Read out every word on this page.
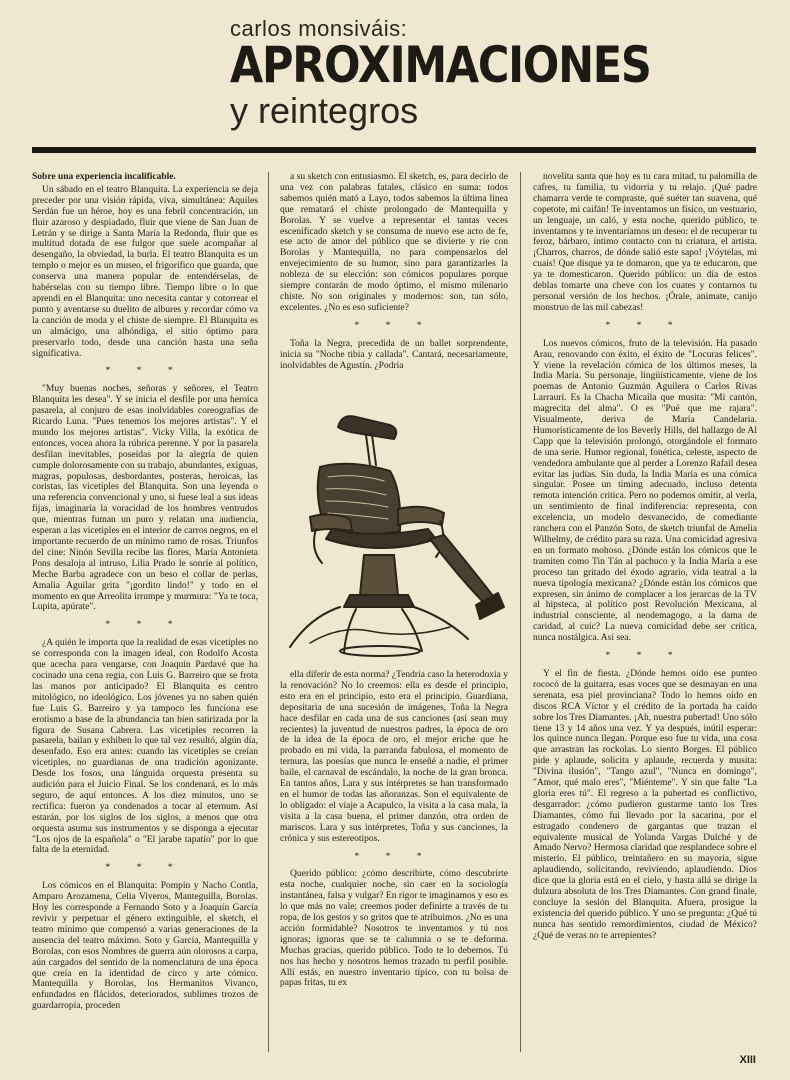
carlos monsiváis:
APROXIMACIONES
y reintegros

Sobre una experiencia incalificable.

Un sábado en el teatro Blanquita. La experiencia se deja preceder por una visión rápida, viva, simultánea: Aquiles Serdán fue un héroe, hoy es una febril concentración, un fluir azaroso y despiadado, fluir que viene de San Juan de Letrán y se dirige a Santa María la Redonda, fluir que es multitud dotada de ese fulgor que suele acompañar al desengaño, la obviedad, la burla. El teatro Blanquita es un templo o mejor es un museo, el frigorífico que guarda, que conserva una manera popular de entendérselas, de habérselas con su tiempo libre. Tiempo libre o lo que aprendí en el Blanquita: uno necesita cantar y cotorrear el punto y aventarse su duelito de albures y recordar cómo va la canción de moda y el chiste de siempre. El Blanquita es un almácigo, una alhóndiga, el sitio óptimo para preservarlo todo, desde una canción hasta una seña significativa.

* * *

"Muy buenas noches, señoras y señores, el Teatro Blanquita les desea". Y se inicia el desfile por una heroica pasarela, al conjuro de esas inolvidables coreografías de Ricardo Luna. "Pues tenemos los mejores artistas". Y el mundo los mejores artistas". Vicky Villa, la exótica de entonces, vocea ahora la rúbrica perenne. Y por la pasarela desfilan inevitables, poseídas por la alegría de quien cumple dolorosamente con su trabajo, abundantes, exiguas, magras, populosas, desbordantes, posteras, heroicas, las coristas, las vicetiples del Blanquita. Son una leyenda o una referencia convencional y uno, si fuese leal a sus ideas fijas, imaginaría la voracidad de los hombres ventrudos que, mientras fuman un puro y relatan una audiencia, esperan a las vicetiples en el interior de carros negros, en el importante recuerdo de un mínimo ramo de rosas. Triunfos del cine: Ninón Sevilla recibe las flores, María Antonieta Pons desaloja al intruso, Lilia Prado le sonríe al político, Meche Barba agradece con un beso el collar de perlas, Amalia Aguilar grita "¡gordito lindo!" y todo en el momento en que Arreolita irrumpe y murmura: "Ya te toca, Lupita, apúrate".

* * *

¿A quién le importa que la realidad de esas vicetiples no se corresponda con la imagen ideal, con Rodolfo Acosta que acecha para vengarse, con Joaquín Pardavé que ha cocinado una cena regia, con Luis G. Barreiro que se frota las manos por anticipado? El Blanquita es centro mitológico, no ideológico. Los jóvenes ya no saben quién fue Luis G. Barreiro y ya tampoco les funciona ese erotismo a base de la abundancia tan bien satirizada por la figura de Susana Cabrera. Las vicetiples recorren la pasarela, bailan y exhiben lo que tal vez resultó, algún día, desenfado. Eso era antes: cuando las vicetiples se creían vicetiples, no guardianas de una tradición agonizante. Desde los fosos, una lánguida orquesta presenta su audición para el Juicio Final. Se los condenará, es lo más seguro, de aquí entonces. A los diez minutos, uno se rectifica: fueron ya condenados a tocar al eternum. Así estarán, por los siglos de los siglos, a menos que otra orquesta asuma sus instrumentos y se disponga a ejecutar "Los ojos de la española" o "El jarabe tapatío" por lo que falta de la eternidad.

* * *

Los cómicos en el Blanquita: Pompín y Nacho Contla, Amparo Arozamena, Celia Viveros, Manteguilla, Borolas. Hoy les corresponde a Fernando Soto y a Joaquín García revivir y perpetuar el género extinguible, el sketch, el teatro mínimo que compensó a varias generaciones de la ausencia del teatro máximo. Soto y García, Mantequilla y Borolas, con esos Nombres de guerra aún olorosos a carpa, aún cargados del sentido de la nomenclatura de una época que creía en la identidad de circo y arte cómico. Mantequilla y Borolas, los Hermanitos Vivanco, enfundados en flácidos, deteriorados, sublimes trozos de guardarropía, proceden

a su sketch con entusiasmo. El sketch, es, para decirlo de una vez con palabras fatales, clásico en suma: todos sabemos quién mató a Layo, todos sabemos la última línea que rematará el chiste prolongado de Mantequilla y Borolas. Y se vuelve a representar el tantas veces escenificado sketch y se consuma de nuevo ese acto de fe, ese acto de amor del público que se divierte y ríe con Borolas y Mantequilla, no para compensarlos del envejecimiento de su humor, sino para garantizarles la nobleza de su elección: son cómicos populares porque siempre contarán de modo óptimo, el mismo milenario chiste. No son originales y modernos: son, tan sólo, excelentes. ¿No es eso suficiente?

* * *

Toña la Negra, precedida de un ballet sorprendente, inicia su "Noche tibia y callada". Cantará, necesariamente, inolvidables de Agustín. ¿Podría

ella diferir de esta norma? ¿Tendría caso la heterodoxia y la renovación? No lo creemos: ella es desde el principio, esto era en el principio, esto era el principio. Guardiana, depositaria de una sucesión de imágenes, Toña la Negra hace desfilar en cada una de sus canciones (así sean muy recientes) la juventud de nuestros padres, la época de oro de la idea de la época de oro, el mejor eriche que he probado en mi vida, la parranda fabulosa, el momento de ternura, las poesías que nunca le enseñé a nadie, el primer baile, el carnaval de escándalo, la noche de la gran bronca. En tantos años, Lara y sus intérpretes se han transformado en el humor de todas las añoranzas. Son el equivalente de lo obligado: el viaje a Acapulco, la visita a la casa mala, la visita a la casa buena, el primer danzón, otra orden de mariscos. Lara y sus intérpretes, Toña y sus canciones, la crónica y sus estereotipos.

* * *

Querido público: ¿cómo describirte, cómo descubrirte esta noche, cualquier noche, sin caer en la sociología instantánea, falsa y vulgar? En rigor te imaginamos y eso es lo que más no vale; creemos poder definirte a través de tu ropa, de los gestos y so gritos que te atribuimos. ¿No es una acción formidable? Nosotros te inventamos y tú nos ignoras; ignoras que se te calumnia o se te deforma. Muchas gracias, querido público. Todo te lo debemos. Tú nos has hecho y nosotros hemos trazado tu perfil posible. Allí estás, en nuestro inventario típico, con tu bolsa de papas fritas, tu ex

novelita santa que hoy es tu cara mitad, tu palomilla de cafres, tu familia, tu vidorria y tu relajo. ¡Qué padre chamarra verde te compraste, qué suéter tan suavena, qué copetote, mi caifán! Te inventamos un físico, un vestuario, un lenguaje, un caló, y esta noche, querido público, te inventamos y te inventaríamos un deseo: el de recuperar tu feroz, bárbaro, íntimo contacto con tu criatura, el artista. ¡Charros, charros, de dónde salió este sapo! ¡Vóytelas, mi cuais! Que disque ya te domaron, que ya te educaron, que ya te domesticaron. Querido público: un día de estos deblas tomarte una cheve con los cuates y contarnos tu personal versión de los hechos. ¡Órale, animate, canijo monstruo de las mil cabezas!

* * *

Los nuevos cómicos, fruto de la televisión. Ha pasado Arau, renovando con éxito, el éxito de "Locuras felices". Y viene la revelación cómica de los últimos meses, la India María. Su personaje, lingüísticamente, viene de los poemas de Antonio Guzmán Aguilera o Carlos Rivas Larrauri. Es la Chacha Micaila que musita: "Mi cantón, magrecita del alma". O es "Pué que me rajara". Visualmente, deriva de María Candelaria. Humorísticamente de los Beverly Hills, del hallazgo de Al Capp que la televisión prolongó, otorgándole el formato de una serie. Humor regional, fonética, celeste, aspecto de vendedora ambulante que al perder a Lorenzo Rafail desea evitar las judías. Sin duda, la India María es una cómica singular. Posee un timing adecuado, incluso detenta remota intención crítica. Pero no podemos omitir, al verla, un sentimiento de final indiferencia: representa, con excelencia, un modelo desvanecido, de comediante ranchera con el Panzón Soto, de sketch triunfal de Amelia Wilhelmy, de crédito para su raza. Una comicidad agresiva en un formato mohoso. ¿Dónde están los cómicos que le tramiten como Tin Tán al pachuco y la India María a ese proceso tan gritado del éxodo agrario, vida teatral a la nueva tipología mexicana? ¿Dónde están los cómicos que expresen, sin ánimo de complacer a los jerarcas de la TV al hipsteca, al político post Revolución Mexicana, al industrial consciente, al neodemagogo, a la dama de caridad, al cuic? La nueva comicidad debe ser crítica, nunca nostálgica. Así sea.

* * *

Y el fin de fiesta. ¿Dónde hemos oído ese punteo rococó de la guitarra, esas voces que se desmayan en una serenata, esa piel provinciana? Todo lo hemos oído en discos RCA Víctor y el crédito de la portada ha caído sobre los Tres Diamantes. ¡Ah, nuestra pubertad! Uno sólo tiene 13 y 14 años una vez. Y ya después, inútil esperar: los quince nunca llegan. Porque eso fue tu vida, una cosa que arrastran las rockolas. Lo siento Borges. El público pide y aplaude, solicita y aplaude, recuerda y musita: "Divina ilusión", "Tango azul", "Nunca en domingo", "Amor, qué malo eres", "Miénteme". Y sin que falte "La gloria eres tú". El regreso a la pubertad es conflictivo, desgarrador: ¿cómo pudieron gustarme tanto los Tres Diamantes, cómo fui llevado por la sacarina, por el estragado condenero de gargantas que trazan el equivalente musical de Yolanda Vargas Dulché y de Amado Nervo? Hermosa claridad que resplandece sobre el misterio. El público, treintañero en su mayoría, sigue aplaudiendo, solicitando, reviviendo, aplaudiendo. Dios dice que la gloria está en el cielo, y hasta allá se dirige la dulzura absoluta de los Tres Diamantes. Con grand finale, concluye la sesión del Blanquita. Afuera, prosigue la existencia del querido público. Y uno se pregunta: ¿Qué tú nunca has sentido remordimientos, ciudad de México? ¿Qué de veras no te arrepientes?

XIII
